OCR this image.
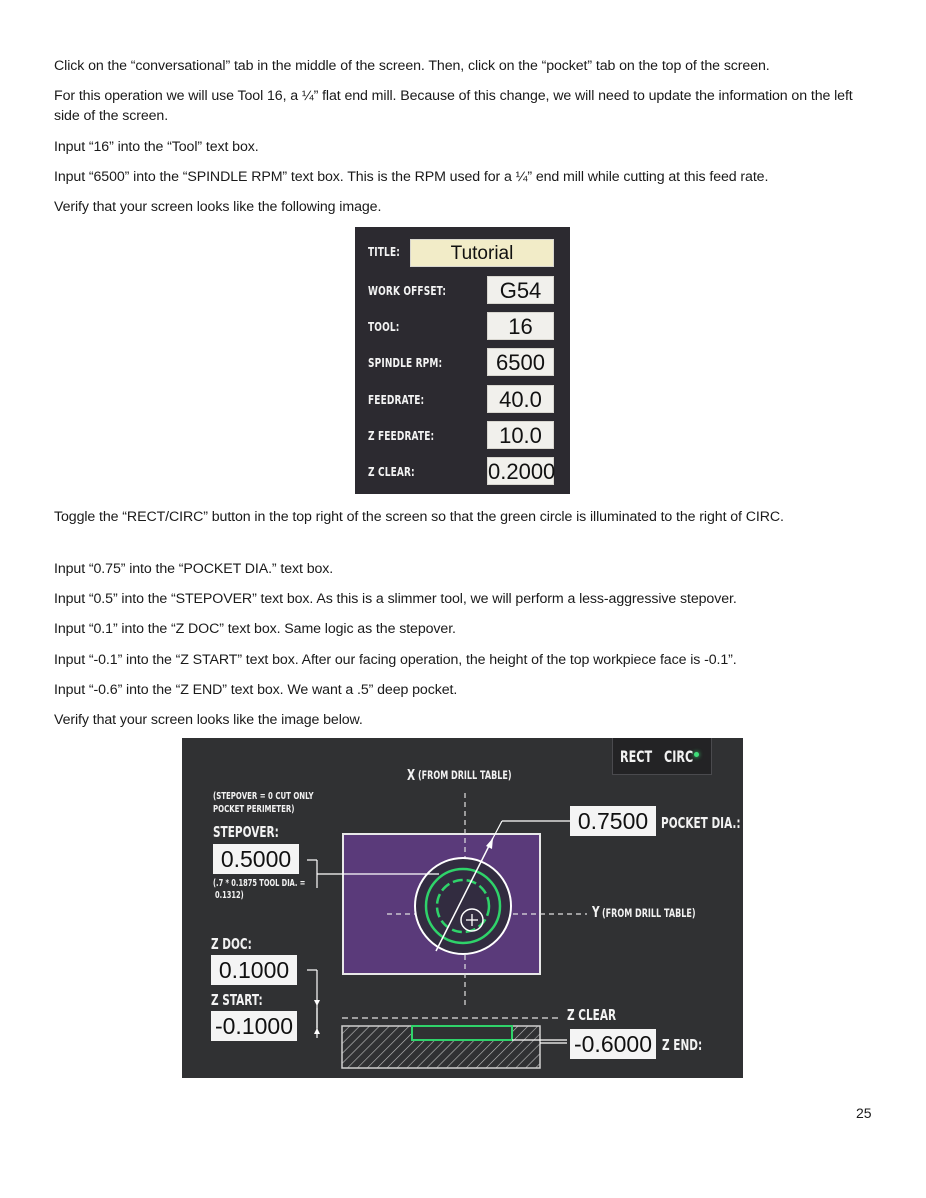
Click on the “conversational” tab in the middle of the screen. Then, click on the “pocket” tab on the top of the screen.

For this operation we will use Tool 16, a ¼” flat end mill. Because of this change, we will need to update the information on the left side of the screen.

Input “16” into the “Tool” text box.

Input “6500” into the “SPINDLE RPM” text box. This is the RPM used for a ¼” end mill while cutting at this feed rate.

Verify that your screen looks like the following image.

TITLE:	Tutorial
WORK OFFSET:	G54
TOOL:	16
SPINDLE RPM:	6500
FEEDRATE:	40.0
Z FEEDRATE:	10.0
Z CLEAR:	0.2000

Toggle the “RECT/CIRC” button in the top right of the screen so that the green circle is illuminated to the right of CIRC.

Input “0.75” into the “POCKET DIA.” text box.

Input “0.5” into the “STEPOVER” text box. As this is a slimmer tool, we will perform a less-aggressive stepover.

Input “0.1” into the “Z DOC” text box. Same logic as the stepover.

Input “-0.1” into the “Z START” text box. After our facing operation, the height of the top workpiece face is -0.1”.

Input “-0.6” into the “Z END” text box. We want a .5” deep pocket.

Verify that your screen looks like the image below.

RECT CIRC
X (FROM DRILL TABLE)
(STEPOVER = 0 CUT ONLY
POCKET PERIMETER)
STEPOVER:
0.5000
(.7 * 0.1875 TOOL DIA. =
0.1312)
0.7500 POCKET DIA.:
Y (FROM DRILL TABLE)
Z DOC:
0.1000
Z START:
-0.1000	Z CLEAR
-0.6000 Z END:
25
